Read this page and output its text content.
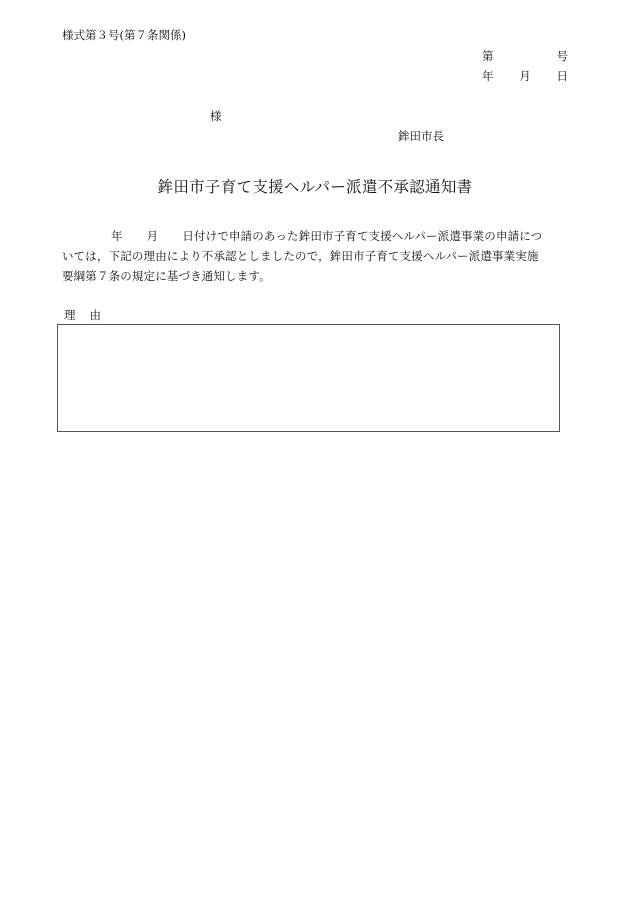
様式第３号(第７条関係)
第	号
年 月 日
様
鉾田市長
鉾田市子育て支援ヘルパー派遣不承認通知書
年 月 日付けで申請のあった鉾田市子育て支援ヘルパー派遣事業の申請につ
いては，下記の理由により不承認としましたので，鉾田市子育て支援ヘルパー派遣事業実施
要綱第７条の規定に基づき通知します。
理 由
